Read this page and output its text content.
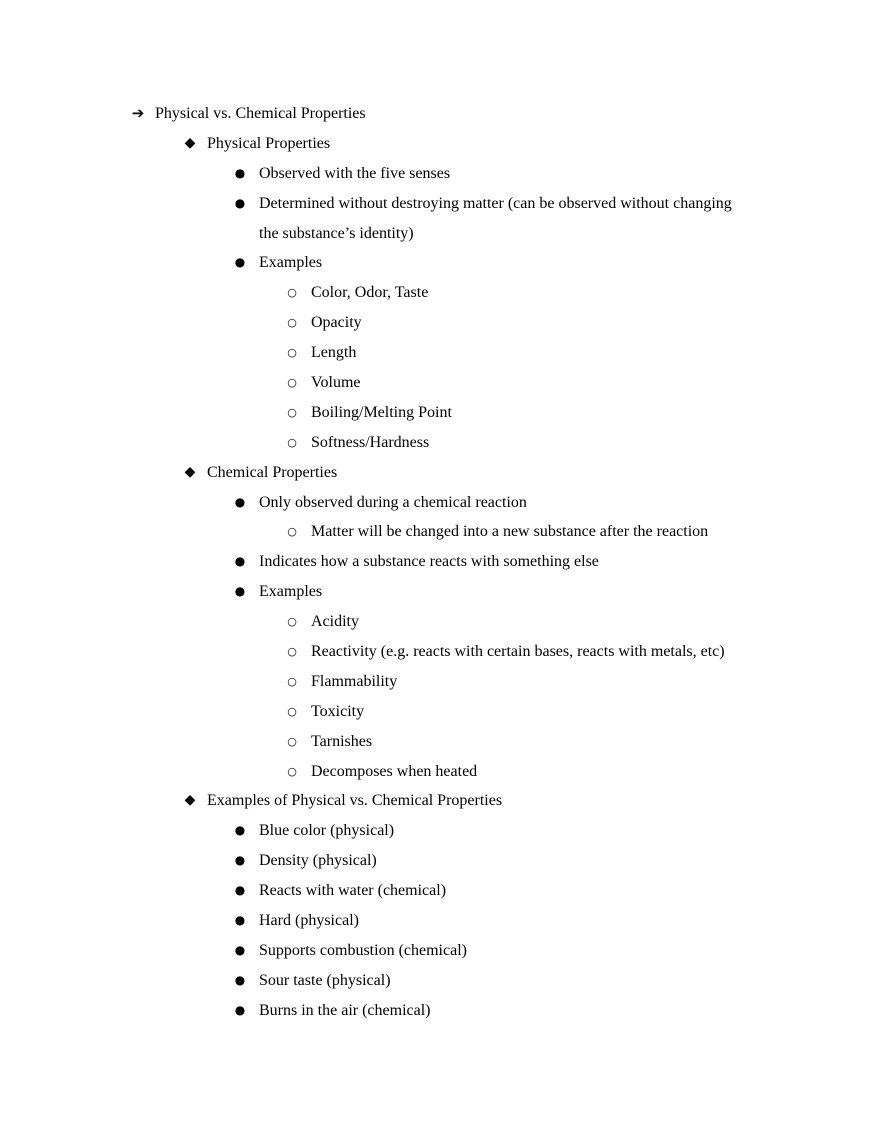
➔ Physical vs. Chemical Properties
◆ Physical Properties
● Observed with the five senses
● Determined without destroying matter (can be observed without changing
the substance’s identity)
● Examples
○ Color, Odor, Taste
○ Opacity
○ Length
○ Volume
○ Boiling/Melting Point
○ Softness/Hardness
◆ Chemical Properties
● Only observed during a chemical reaction
○ Matter will be changed into a new substance after the reaction
● Indicates how a substance reacts with something else
● Examples
○ Acidity
○ Reactivity (e.g. reacts with certain bases, reacts with metals, etc)
○ Flammability
○ Toxicity
○ Tarnishes
○ Decomposes when heated
◆ Examples of Physical vs. Chemical Properties
● Blue color (physical)
● Density (physical)
● Reacts with water (chemical)
● Hard (physical)
● Supports combustion (chemical)
● Sour taste (physical)
● Burns in the air (chemical)
